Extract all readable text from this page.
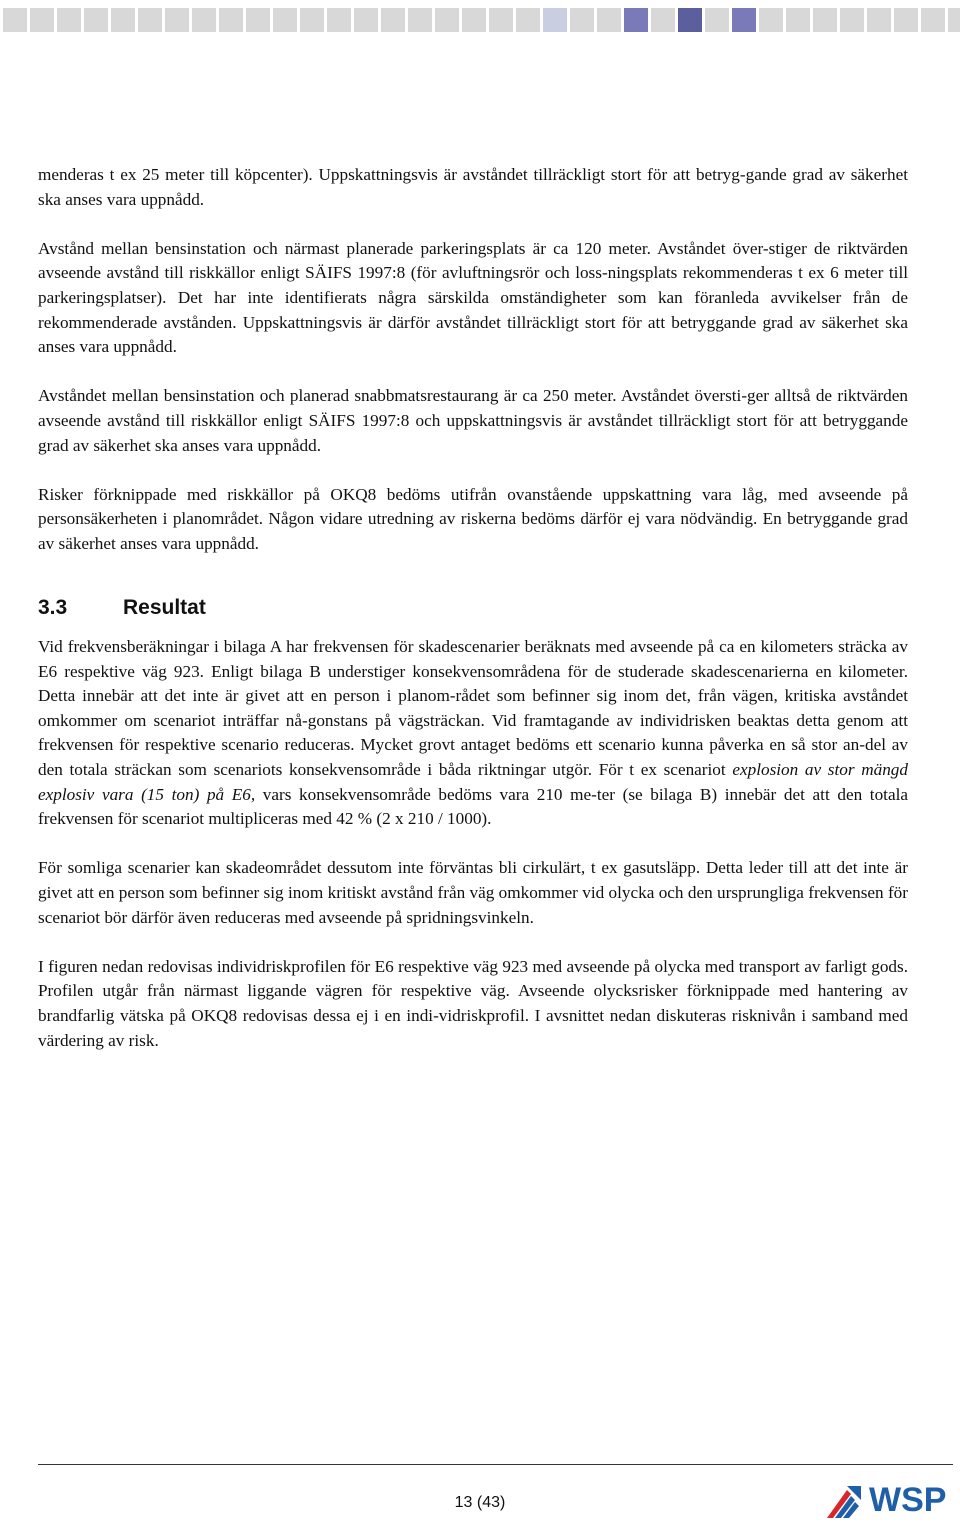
menderas t ex 25 meter till köpcenter). Uppskattningsvis är avståndet tillräckligt stort för att betryg-gande grad av säkerhet ska anses vara uppnådd.

Avstånd mellan bensinstation och närmast planerade parkeringsplats är ca 120 meter. Avståndet över-stiger de riktvärden avseende avstånd till riskkällor enligt SÄIFS 1997:8 (för avluftningsrör och loss-ningsplats rekommenderas t ex 6 meter till parkeringsplatser). Det har inte identifierats några särskilda omständigheter som kan föranleda avvikelser från de rekommenderade avstånden. Uppskattningsvis är därför avståndet tillräckligt stort för att betryggande grad av säkerhet ska anses vara uppnådd.

Avståndet mellan bensinstation och planerad snabbmatsrestaurang är ca 250 meter. Avståndet översti-ger alltså de riktvärden avseende avstånd till riskkällor enligt SÄIFS 1997:8 och uppskattningsvis är avståndet tillräckligt stort för att betryggande grad av säkerhet ska anses vara uppnådd.

Risker förknippade med riskkällor på OKQ8 bedöms utifrån ovanstående uppskattning vara låg, med avseende på personsäkerheten i planområdet. Någon vidare utredning av riskerna bedöms därför ej vara nödvändig. En betryggande grad av säkerhet anses vara uppnådd.

3.3	Resultat

Vid frekvensberäkningar i bilaga A har frekvensen för skadescenarier beräknats med avseende på ca en kilometers sträcka av E6 respektive väg 923. Enligt bilaga B understiger konsekvensområdena för de studerade skadescenarierna en kilometer. Detta innebär att det inte är givet att en person i planom-rådet som befinner sig inom det, från vägen, kritiska avståndet omkommer om scenariot inträffar nå-gonstans på vägsträckan. Vid framtagande av individrisken beaktas detta genom att frekvensen för respektive scenario reduceras. Mycket grovt antaget bedöms ett scenario kunna påverka en så stor an-del av den totala sträckan som scenariots konsekvensområde i båda riktningar utgör. För t ex scenariot explosion av stor mängd explosiv vara (15 ton) på E6, vars konsekvensområde bedöms vara 210 me-ter (se bilaga B) innebär det att den totala frekvensen för scenariot multipliceras med 42 % (2 x 210 / 1000).

För somliga scenarier kan skadeområdet dessutom inte förväntas bli cirkulärt, t ex gasutsläpp. Detta leder till att det inte är givet att en person som befinner sig inom kritiskt avstånd från väg omkommer vid olycka och den ursprungliga frekvensen för scenariot bör därför även reduceras med avseende på spridningsvinkeln.

I figuren nedan redovisas individriskprofilen för E6 respektive väg 923 med avseende på olycka med transport av farligt gods. Profilen utgår från närmast liggande vägren för respektive väg. Avseende olycksrisker förknippade med hantering av brandfarlig vätska på OKQ8 redovisas dessa ej i en indi-vidriskprofil. I avsnittet nedan diskuteras risknivån i samband med värdering av risk.

13 (43)	WSP
